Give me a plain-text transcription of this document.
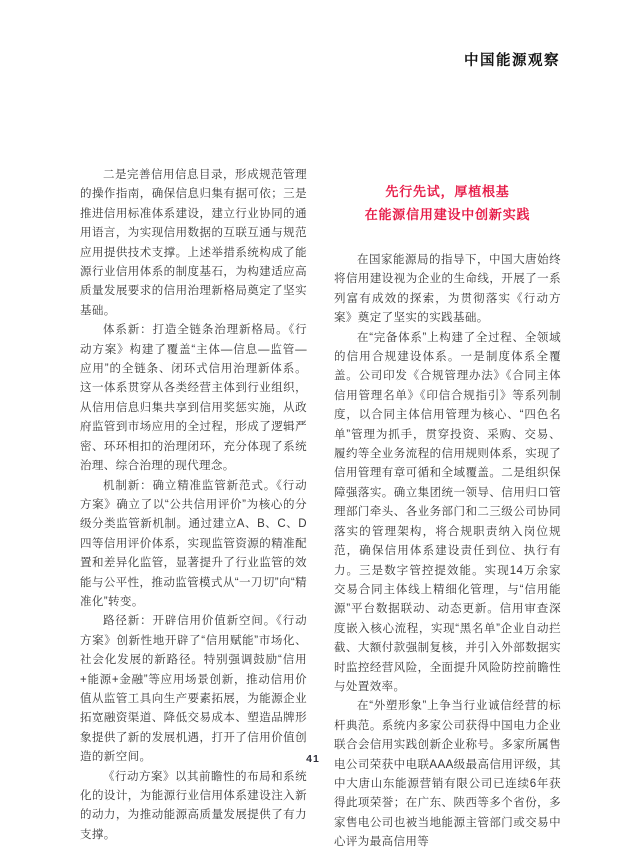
中国能源观察

二是完善信用信息目录，形成规范管理的操作指南，确保信息归集有据可依；三是推进信用标准体系建设，建立行业协同的通用语言，为实现信用数据的互联互通与规范应用提供技术支撑。上述举措系统构成了能源行业信用体系的制度基石，为构建适应高质量发展要求的信用治理新格局奠定了坚实基础。

体系新：打造全链条治理新格局。《行动方案》构建了覆盖“主体—信息—监管—应用”的全链条、闭环式信用治理新体系。这一体系贯穿从各类经营主体到行业组织，从信用信息归集共享到信用奖惩实施，从政府监管到市场应用的全过程，形成了逻辑严密、环环相扣的治理闭环，充分体现了系统治理、综合治理的现代理念。

机制新：确立精准监管新范式。《行动方案》确立了以“公共信用评价”为核心的分级分类监管新机制。通过建立A、B、C、D四等信用评价体系，实现监管资源的精准配置和差异化监管，显著提升了行业监管的效能与公平性，推动监管模式从“一刀切”向“精准化”转变。

路径新：开辟信用价值新空间。《行动方案》创新性地开辟了“信用赋能”市场化、社会化发展的新路径。特别强调鼓励“信用+能源+金融”等应用场景创新，推动信用价值从监管工具向生产要素拓展，为能源企业拓宽融资渠道、降低交易成本、塑造品牌形象提供了新的发展机遇，打开了信用价值创造的新空间。

《行动方案》以其前瞻性的布局和系统化的设计，为能源行业信用体系建设注入新的动力，为推动能源高质量发展提供了有力支撑。

先行先试，厚植根基
在能源信用建设中创新实践

在国家能源局的指导下，中国大唐始终将信用建设视为企业的生命线，开展了一系列富有成效的探索，为贯彻落实《行动方案》奠定了坚实的实践基础。

在“完备体系”上构建了全过程、全领域的信用合规建设体系。一是制度体系全覆盖。公司印发《合规管理办法》《合同主体信用管理名单》《印信合规指引》等系列制度，以合同主体信用管理为核心、“四色名单”管理为抓手，贯穿投资、采购、交易、履约等全业务流程的信用规则体系，实现了信用管理有章可循和全域覆盖。二是组织保障强落实。确立集团统一领导、信用归口管理部门牵头、各业务部门和二三级公司协同落实的管理架构，将合规职责纳入岗位规范，确保信用体系建设责任到位、执行有力。三是数字管控提效能。实现14万余家交易合同主体线上精细化管理，与“信用能源”平台数据联动、动态更新。信用审查深度嵌入核心流程，实现“黑名单”企业自动拦截、大额付款强制复核，并引入外部数据实时监控经营风险，全面提升风险防控前瞻性与处置效率。

在“外塑形象”上争当行业诚信经营的标杆典范。系统内多家公司获得中国电力企业联合会信用实践创新企业称号。多家所属售电公司荣获中电联AAA级最高信用评级，其中大唐山东能源营销有限公司已连续6年获得此项荣誉；在广东、陕西等多个省份，多家售电公司也被当地能源主管部门或交易中心评为最高信用等

41
